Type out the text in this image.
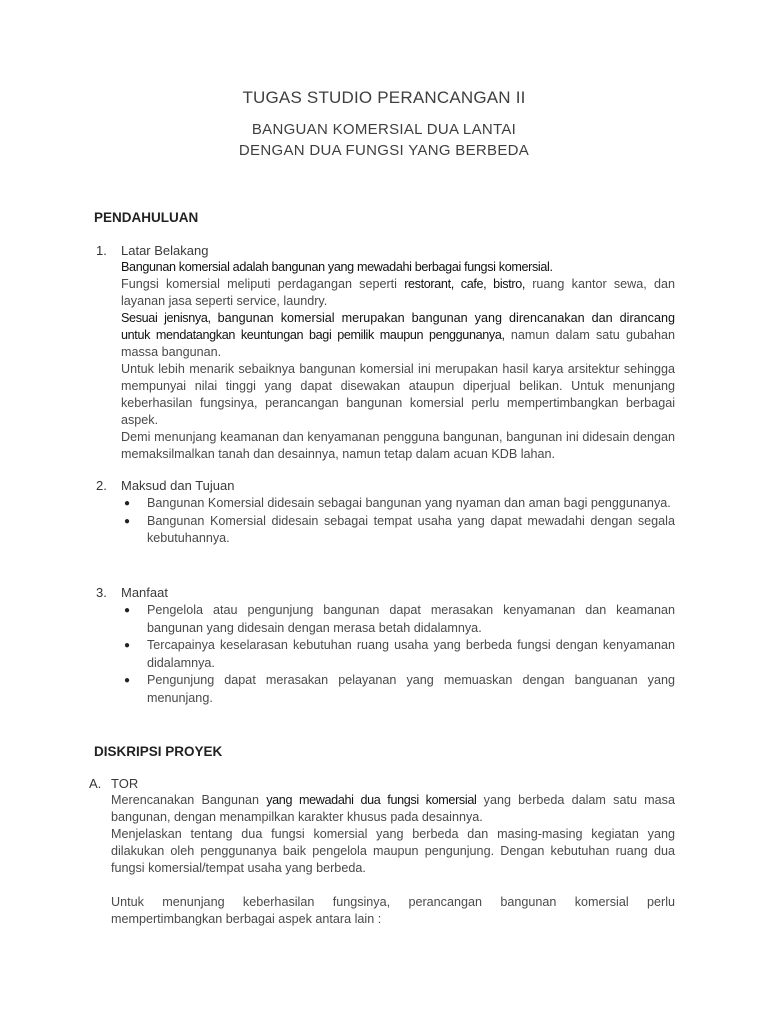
TUGAS STUDIO PERANCANGAN II
BANGUAN KOMERSIAL DUA LANTAI
DENGAN DUA FUNGSI YANG BERBEDA
PENDAHULUAN
1. Latar Belakang

Bangunan komersial adalah bangunan yang mewadahi berbagai fungsi komersial.

Fungsi komersial meliputi perdagangan seperti restorant, cafe, bistro, ruang kantor sewa, dan layanan jasa seperti service, laundry.

Sesuai jenisnya, bangunan komersial merupakan bangunan yang direncanakan dan dirancang untuk mendatangkan keuntungan bagi pemilik maupun penggunanya, namun dalam satu gubahan massa bangunan.

Untuk lebih menarik sebaiknya bangunan komersial ini merupakan hasil karya arsitektur sehingga mempunyai nilai tinggi yang dapat disewakan ataupun diperjual belikan. Untuk menunjang keberhasilan fungsinya, perancangan bangunan komersial perlu mempertimbangkan berbagai aspek.

Demi menunjang keamanan dan kenyamanan pengguna bangunan, bangunan ini didesain dengan memaksilmalkan tanah dan desainnya, namun tetap dalam acuan KDB lahan.

2. Maksud dan Tujuan
● Bangunan Komersial didesain sebagai bangunan yang nyaman dan aman bagi penggunanya.
● Bangunan Komersial didesain sebagai tempat usaha yang dapat mewadahi dengan segala kebutuhannya.
3. Manfaat
● Pengelola atau pengunjung bangunan dapat merasakan kenyamanan dan keamanan bangunan yang didesain dengan merasa betah didalamnya.
● Tercapainya keselarasan kebutuhan ruang usaha yang berbeda fungsi dengan kenyamanan didalamnya.
● Pengunjung dapat merasakan pelayanan yang memuaskan dengan banguanan yang menunjang.
DISKRIPSI PROYEK
A. TOR

Merencanakan Bangunan yang mewadahi dua fungsi komersial yang berbeda dalam satu masa bangunan, dengan menampilkan karakter khusus pada desainnya.

Menjelaskan tentang dua fungsi komersial yang berbeda dan masing-masing kegiatan yang dilakukan oleh penggunanya baik pengelola maupun pengunjung. Dengan kebutuhan ruang dua fungsi komersial/tempat usaha yang berbeda.

Untuk menunjang keberhasilan fungsinya, perancangan bangunan komersial perlu mempertimbangkan berbagai aspek antara lain :
